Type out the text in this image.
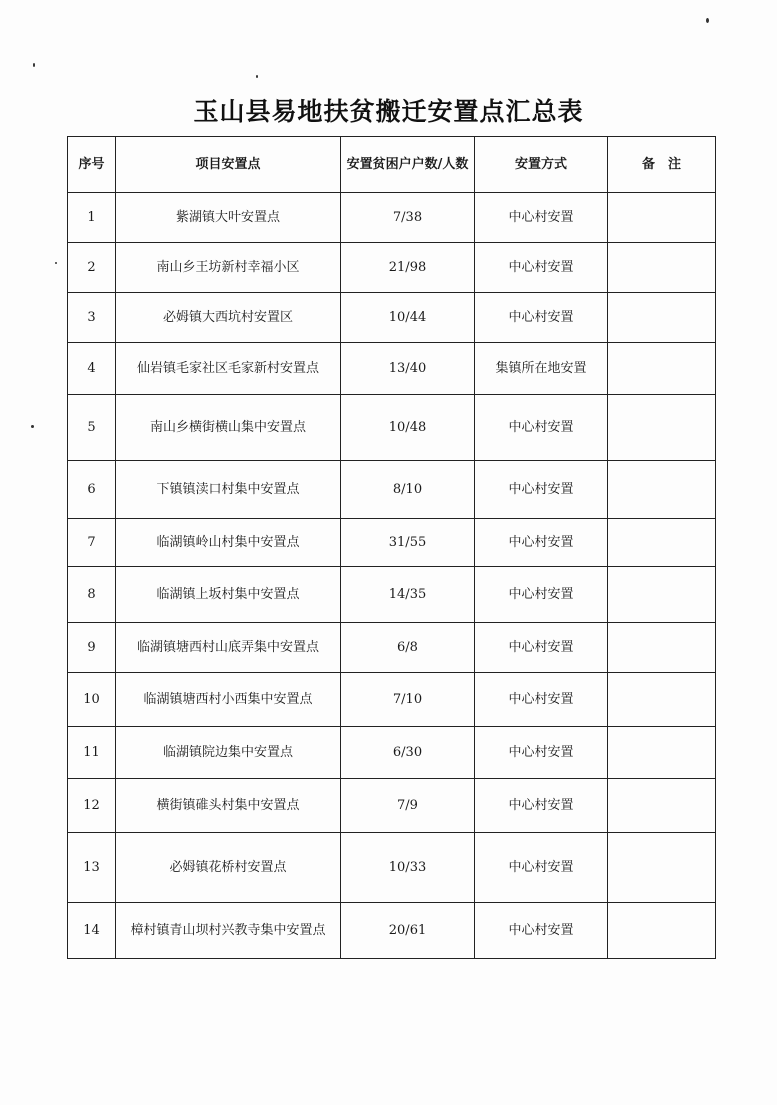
玉山县易地扶贫搬迁安置点汇总表
序号	项目安置点	安置贫困户户数/人数	安置方式	备　注
1	紫湖镇大叶安置点	7/38	中心村安置	
2	南山乡王坊新村幸福小区	21/98	中心村安置	
3	必姆镇大西坑村安置区	10/44	中心村安置	
4	仙岩镇毛家社区毛家新村安置点	13/40	集镇所在地安置	
5	南山乡横街横山集中安置点	10/48	中心村安置	
6	下镇镇渎口村集中安置点	8/10	中心村安置	
7	临湖镇岭山村集中安置点	31/55	中心村安置	
8	临湖镇上坂村集中安置点	14/35	中心村安置	
9	临湖镇塘西村山底弄集中安置点	6/8	中心村安置	
10	临湖镇塘西村小西集中安置点	7/10	中心村安置	
11	临湖镇院边集中安置点	6/30	中心村安置	
12	横街镇碓头村集中安置点	7/9	中心村安置	
13	必姆镇花桥村安置点	10/33	中心村安置	
14	樟村镇青山坝村兴教寺集中安置点	20/61	中心村安置	
